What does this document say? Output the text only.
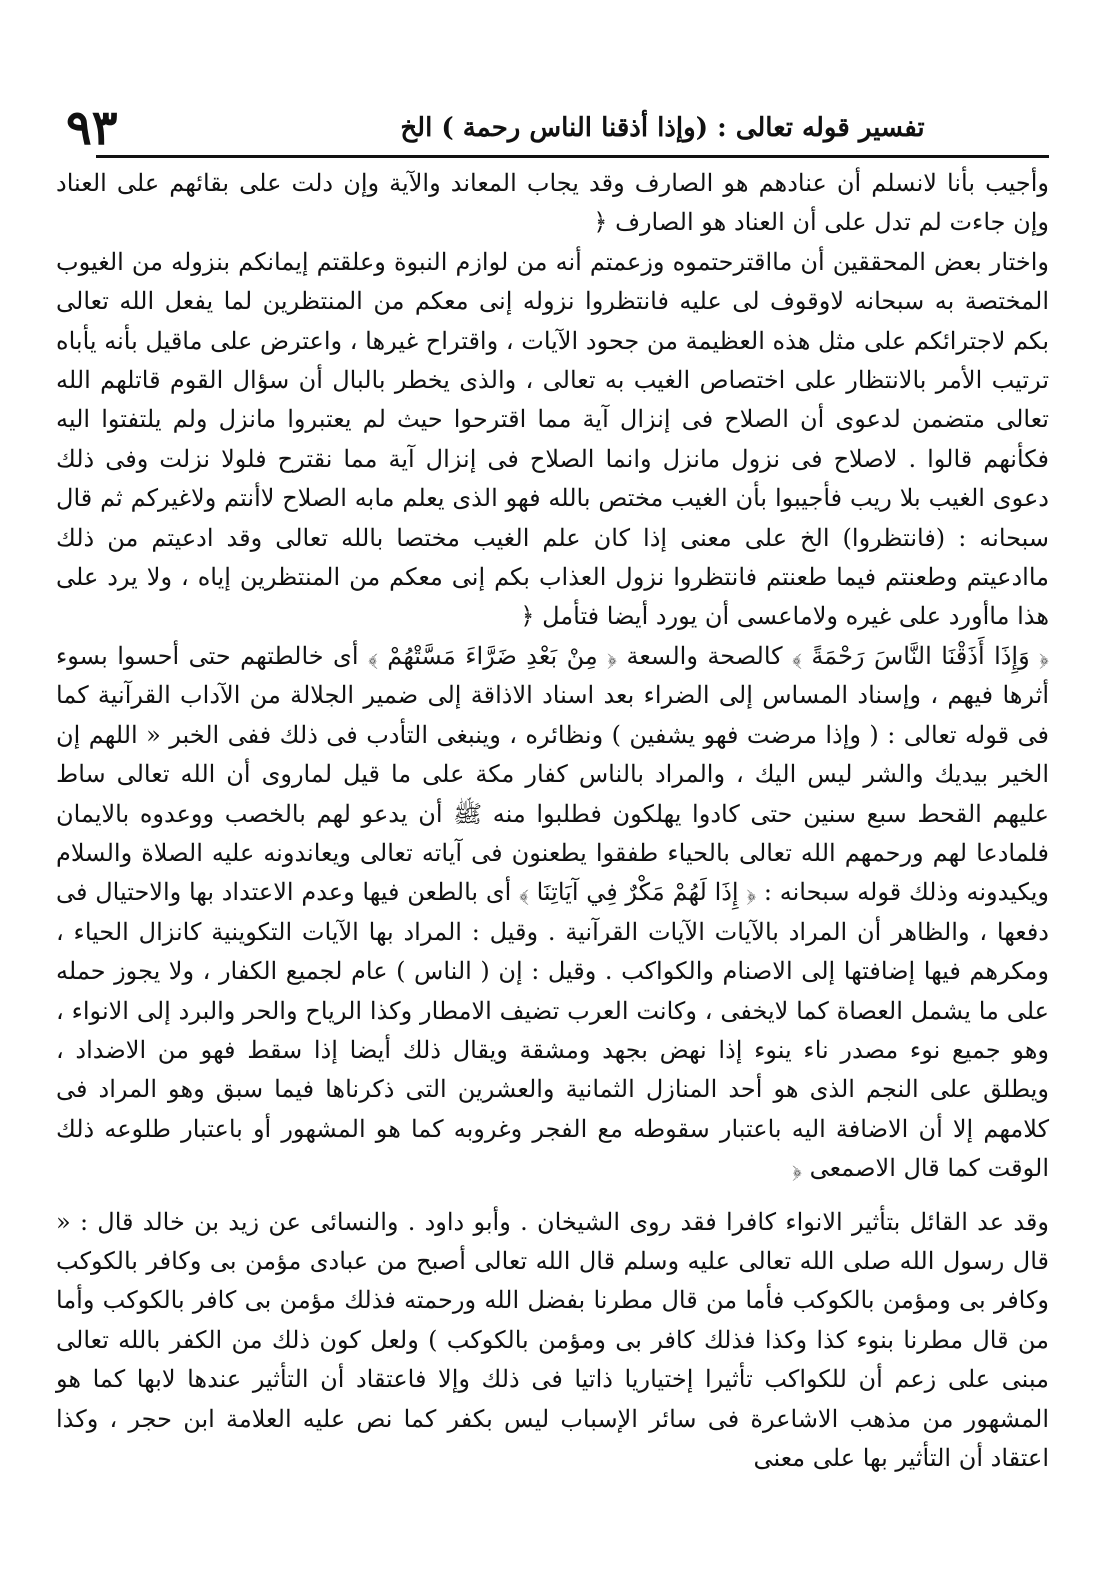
٩٣	تفسير قوله تعالى : (وإذا أذقنا الناس رحمة ) الخ

وأجيب بأنا لانسلم أن عنادهم هو الصارف وقد يجاب المعاند والآية وإن دلت على بقائهم على العناد وإن جاءت لم تدل على أن العناد هو الصارف ﴿

واختار بعض المحققين أن مااقترحتموه وزعمتم أنه من لوازم النبوة وعلقتم إيمانكم بنزوله من الغيوب المختصة به سبحانه لاوقوف لى عليه فانتظروا نزوله إنى معكم من المنتظرين لما يفعل الله تعالى بكم لاجترائكم على مثل هذه العظيمة من جحود الآيات ، واقتراح غيرها ، واعترض على ماقيل بأنه يأباه ترتيب الأمر بالانتظار على اختصاص الغيب به تعالى ، والذى يخطر بالبال أن سؤال القوم قاتلهم الله تعالى متضمن لدعوى أن الصلاح فى إنزال آية مما اقترحوا حيث لم يعتبروا مانزل ولم يلتفتوا اليه فكأنهم قالوا . لاصلاح فى نزول مانزل وانما الصلاح فى إنزال آية مما نقترح فلولا نزلت وفى ذلك دعوى الغيب بلا ريب فأجيبوا بأن الغيب مختص بالله فهو الذى يعلم مابه الصلاح لاأنتم ولاغيركم ثم قال سبحانه : (فانتظروا) الخ على معنى إذا كان علم الغيب مختصا بالله تعالى وقد ادعيتم من ذلك ماادعيتم وطعنتم فيما طعنتم فانتظروا نزول العذاب بكم إنى معكم من المنتظرين إياه ، ولا يرد على هذا ماأورد على غيره ولاماعسى أن يورد أيضا فتأمل ﴿

﴿ وَإِذَا أَذَقْنَا النَّاسَ رَحْمَةً ﴾ كالصحة والسعة ﴿ مِنْ بَعْدِ ضَرَّاءَ مَسَّتْهُمْ ﴾ أى خالطتهم حتى أحسوا بسوء أثرها فيهم ، وإسناد المساس إلى الضراء بعد اسناد الاذاقة إلى ضمير الجلالة من الآداب القرآنية كما فى قوله تعالى : ( وإذا مرضت فهو يشفين ) ونظائره ، وينبغى التأدب فى ذلك ففى الخبر « اللهم إن الخير بيديك والشر ليس اليك ، والمراد بالناس كفار مكة على ما قيل لماروى أن الله تعالى ساط عليهم القحط سبع سنين حتى كادوا يهلكون فطلبوا منه ﷺ أن يدعو لهم بالخصب ووعدوه بالايمان فلمادعا لهم ورحمهم الله تعالى بالحياء طفقوا يطعنون فى آياته تعالى ويعاندونه عليه الصلاة والسلام ويكيدونه وذلك قوله سبحانه : ﴿ إِذَا لَهُمْ مَكْرٌ فِي آيَاتِنَا ﴾ أى بالطعن فيها وعدم الاعتداد بها والاحتيال فى دفعها ، والظاهر أن المراد بالآيات الآيات القرآنية . وقيل : المراد بها الآيات التكوينية كانزال الحياء ، ومكرهم فيها إضافتها إلى الاصنام والكواكب . وقيل : إن ( الناس ) عام لجميع الكفار ، ولا يجوز حمله على ما يشمل العصاة كما لايخفى ، وكانت العرب تضيف الامطار وكذا الرياح والحر والبرد إلى الانواء ، وهو جميع نوء مصدر ناء ينوء إذا نهض بجهد ومشقة ويقال ذلك أيضا إذا سقط فهو من الاضداد ، ويطلق على النجم الذى هو أحد المنازل الثمانية والعشرين التى ذكرناها فيما سبق وهو المراد فى كلامهم إلا أن الاضافة اليه باعتبار سقوطه مع الفجر وغروبه كما هو المشهور أو باعتبار طلوعه ذلك الوقت كما قال الاصمعى ﴿

وقد عد القائل بتأثير الانواء كافرا فقد روى الشيخان . وأبو داود . والنسائى عن زيد بن خالد قال : « قال رسول الله صلى الله تعالى عليه وسلم قال الله تعالى أصبح من عبادى مؤمن بى وكافر بالكوكب وكافر بى ومؤمن بالكوكب فأما من قال مطرنا بفضل الله ورحمته فذلك مؤمن بى كافر بالكوكب وأما من قال مطرنا بنوء كذا وكذا فذلك كافر بى ومؤمن بالكوكب ) ولعل كون ذلك من الكفر بالله تعالى مبنى على زعم أن للكواكب تأثيرا إختياريا ذاتيا فى ذلك وإلا فاعتقاد أن التأثير عندها لابها كما هو المشهور من مذهب الاشاعرة فى سائر الإسباب ليس بكفر كما نص عليه العلامة ابن حجر ، وكذا اعتقاد أن التأثير بها على معنى
